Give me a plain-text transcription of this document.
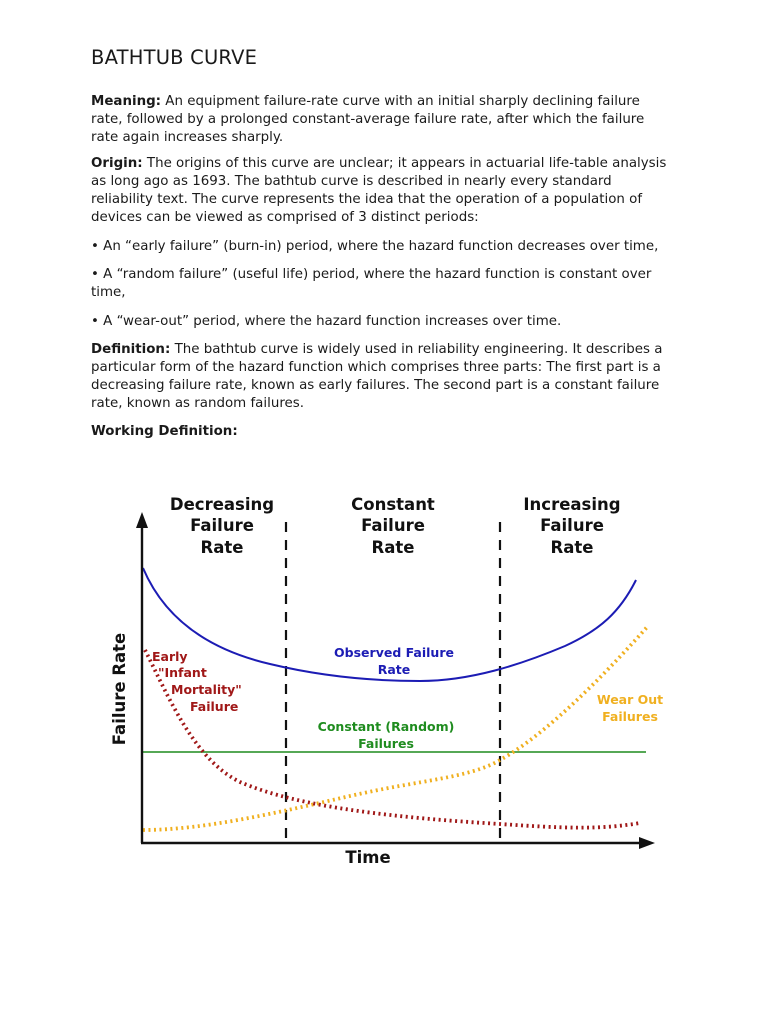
BATHTUB CURVE

Meaning: An equipment failure-rate curve with an initial sharply declining failure rate, followed by a prolonged constant-average failure rate, after which the failure rate again increases sharply.

Origin: The origins of this curve are unclear; it appears in actuarial life-table analysis as long ago as 1693. The bathtub curve is described in nearly every standard reliability text. The curve represents the idea that the operation of a population of devices can be viewed as comprised of 3 distinct periods:

• An “early failure” (burn-in) period, where the hazard function decreases over time,

• A “random failure” (useful life) period, where the hazard function is constant over time,

• A “wear-out” period, where the hazard function increases over time.

Definition: The bathtub curve is widely used in reliability engineering. It describes a particular form of the hazard function which comprises three parts: The first part is a decreasing failure rate, known as early failures. The second part is a constant failure rate, known as random failures.

Working Definition:

Decreasing
Failure
Rate
Constant
Failure
Rate
Increasing
Failure
Rate
Time
Failure Rate	Observed Failure
Rate
Constant (Random)
Failures
Early
"Infant
Mortality"
Failure	Wear Out
Failures
